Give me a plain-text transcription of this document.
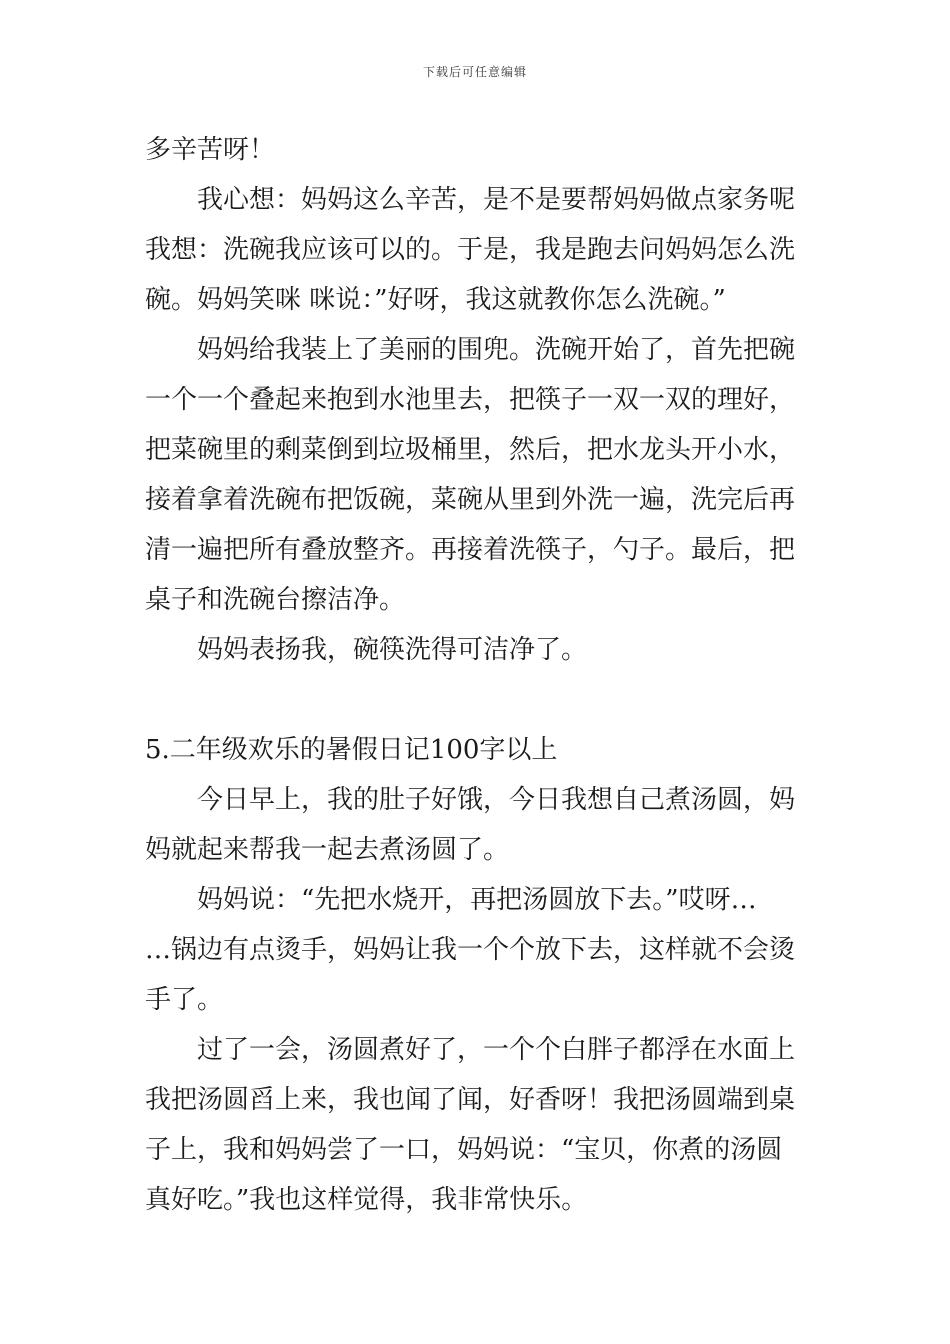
下载后可任意编辑

多辛苦呀！

我心想：妈妈这么辛苦，是不是要帮妈妈做点家务呢
我想：洗碗我应该可以的。于是，我是跑去问妈妈怎么洗
碗。妈妈笑咪 咪说：”好呀，我这就教你怎么洗碗。”
妈妈给我装上了美丽的围兜。洗碗开始了，首先把碗
一个一个叠起来抱到水池里去，把筷子一双一双的理好，
把菜碗里的剩菜倒到垃圾桶里，然后，把水龙头开小水，
接着拿着洗碗布把饭碗，菜碗从里到外洗一遍，洗完后再
清一遍把所有叠放整齐。再接着洗筷子，勺子。最后，把
桌子和洗碗台擦洁净。
妈妈表扬我，碗筷洗得可洁净了。

5.二年级欢乐的暑假日记100字以上

今日早上，我的肚子好饿，今日我想自己煮汤圆，妈
妈就起来帮我一起去煮汤圆了。
妈妈说：“先把水烧开，再把汤圆放下去。”哎呀…
…锅边有点烫手，妈妈让我一个个放下去，这样就不会烫
手了。
过了一会，汤圆煮好了，一个个白胖子都浮在水面上
我把汤圆舀上来，我也闻了闻，好香呀！我把汤圆端到桌
子上，我和妈妈尝了一口，妈妈说：“宝贝，你煮的汤圆
真好吃。”我也这样觉得，我非常快乐。
